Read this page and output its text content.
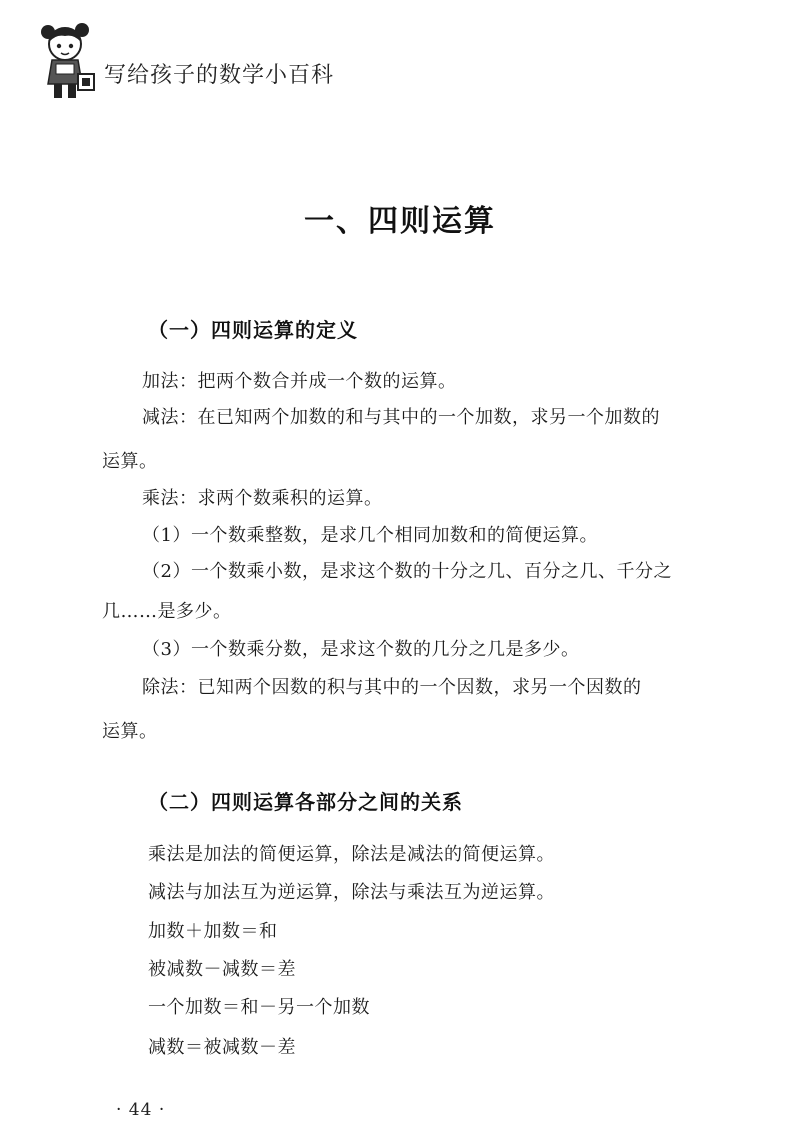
写给孩子的数学小百科
一、四则运算
（一）四则运算的定义
加法：把两个数合并成一个数的运算。
减法：在已知两个加数的和与其中的一个加数，求另一个加数的
运算。
乘法：求两个数乘积的运算。
（1）一个数乘整数，是求几个相同加数和的简便运算。
（2）一个数乘小数，是求这个数的十分之几、百分之几、千分之
几……是多少。
（3）一个数乘分数，是求这个数的几分之几是多少。
除法：已知两个因数的积与其中的一个因数，求另一个因数的
运算。
（二）四则运算各部分之间的关系
乘法是加法的简便运算，除法是减法的简便运算。
减法与加法互为逆运算，除法与乘法互为逆运算。
加数＋加数＝和
被减数－减数＝差
一个加数＝和－另一个加数
减数＝被减数－差
· 44 ·
